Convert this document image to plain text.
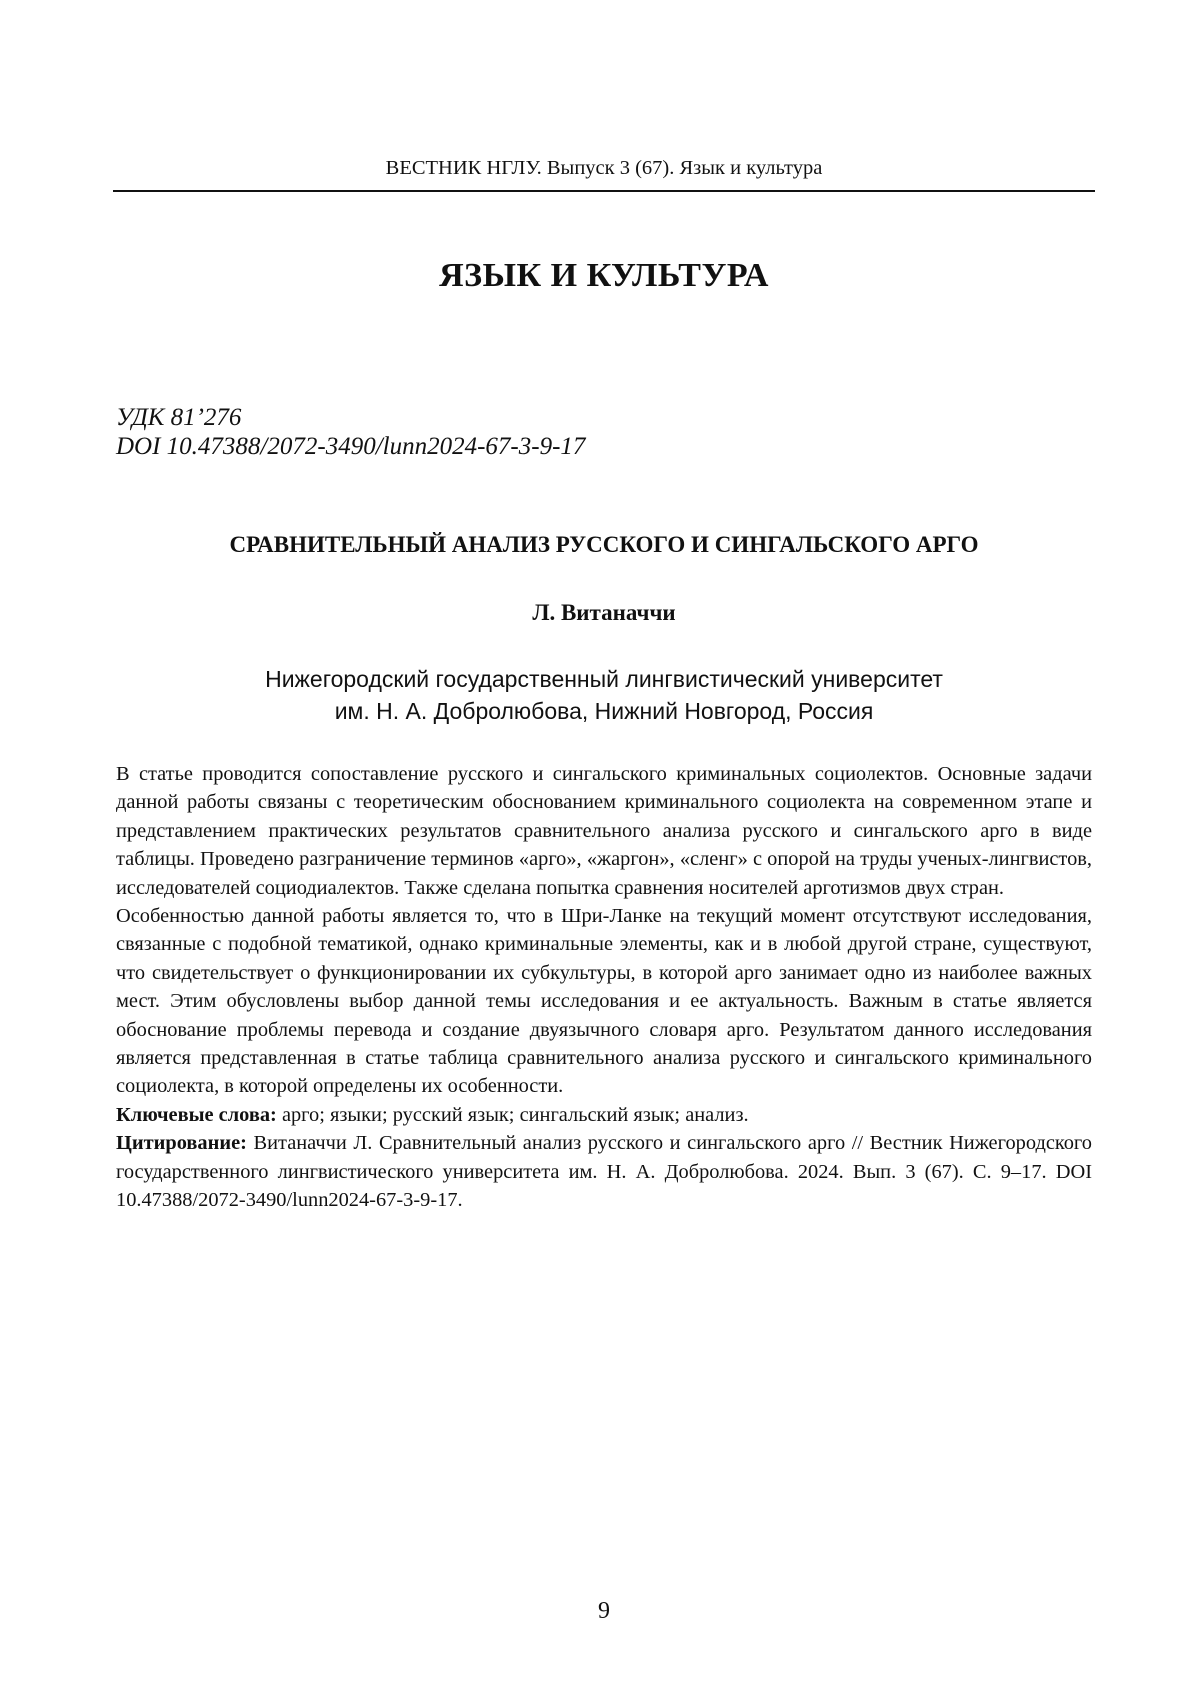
ВЕСТНИК НГЛУ. Выпуск 3 (67). Язык и культура
ЯЗЫК И КУЛЬТУРА
УДК 81’276
DOI 10.47388/2072-3490/lunn2024-67-3-9-17
СРАВНИТЕЛЬНЫЙ АНАЛИЗ РУССКОГО И СИНГАЛЬСКОГО АРГО
Л. Витаначчи
Нижегородский государственный лингвистический университет
им. Н. А. Добролюбова, Нижний Новгород, Россия

В статье проводится сопоставление русского и сингальского криминальных социолектов. Основные задачи данной работы связаны с теоретическим обоснованием криминального социолекта на современном этапе и представлением практических результатов сравнительного анализа русского и сингальского арго в виде таблицы. Проведено разграничение терминов «арго», «жаргон», «сленг» с опорой на труды ученых-лингвистов, исследователей социодиалектов. Также сделана попытка сравнения носителей арготизмов двух стран.

Особенностью данной работы является то, что в Шри-Ланке на текущий момент отсутствуют исследования, связанные с подобной тематикой, однако криминальные элементы, как и в любой другой стране, существуют, что свидетельствует о функционировании их субкультуры, в которой арго занимает одно из наиболее важных мест. Этим обусловлены выбор данной темы исследования и ее актуальность. Важным в статье является обоснование проблемы перевода и создание двуязычного словаря арго. Результатом данного исследования является представленная в статье таблица сравнительного анализа русского и сингальского криминального социолекта, в которой определены их особенности.

Ключевые слова: арго; языки; русский язык; сингальский язык; анализ.

Цитирование: Витаначчи Л. Сравнительный анализ русского и сингальского арго // Вестник Нижегородского государственного лингвистического университета им. Н. А. Добролюбова. 2024. Вып. 3 (67). С. 9–17. DOI 10.47388/2072-3490/lunn2024-67-3-9-17.

9
